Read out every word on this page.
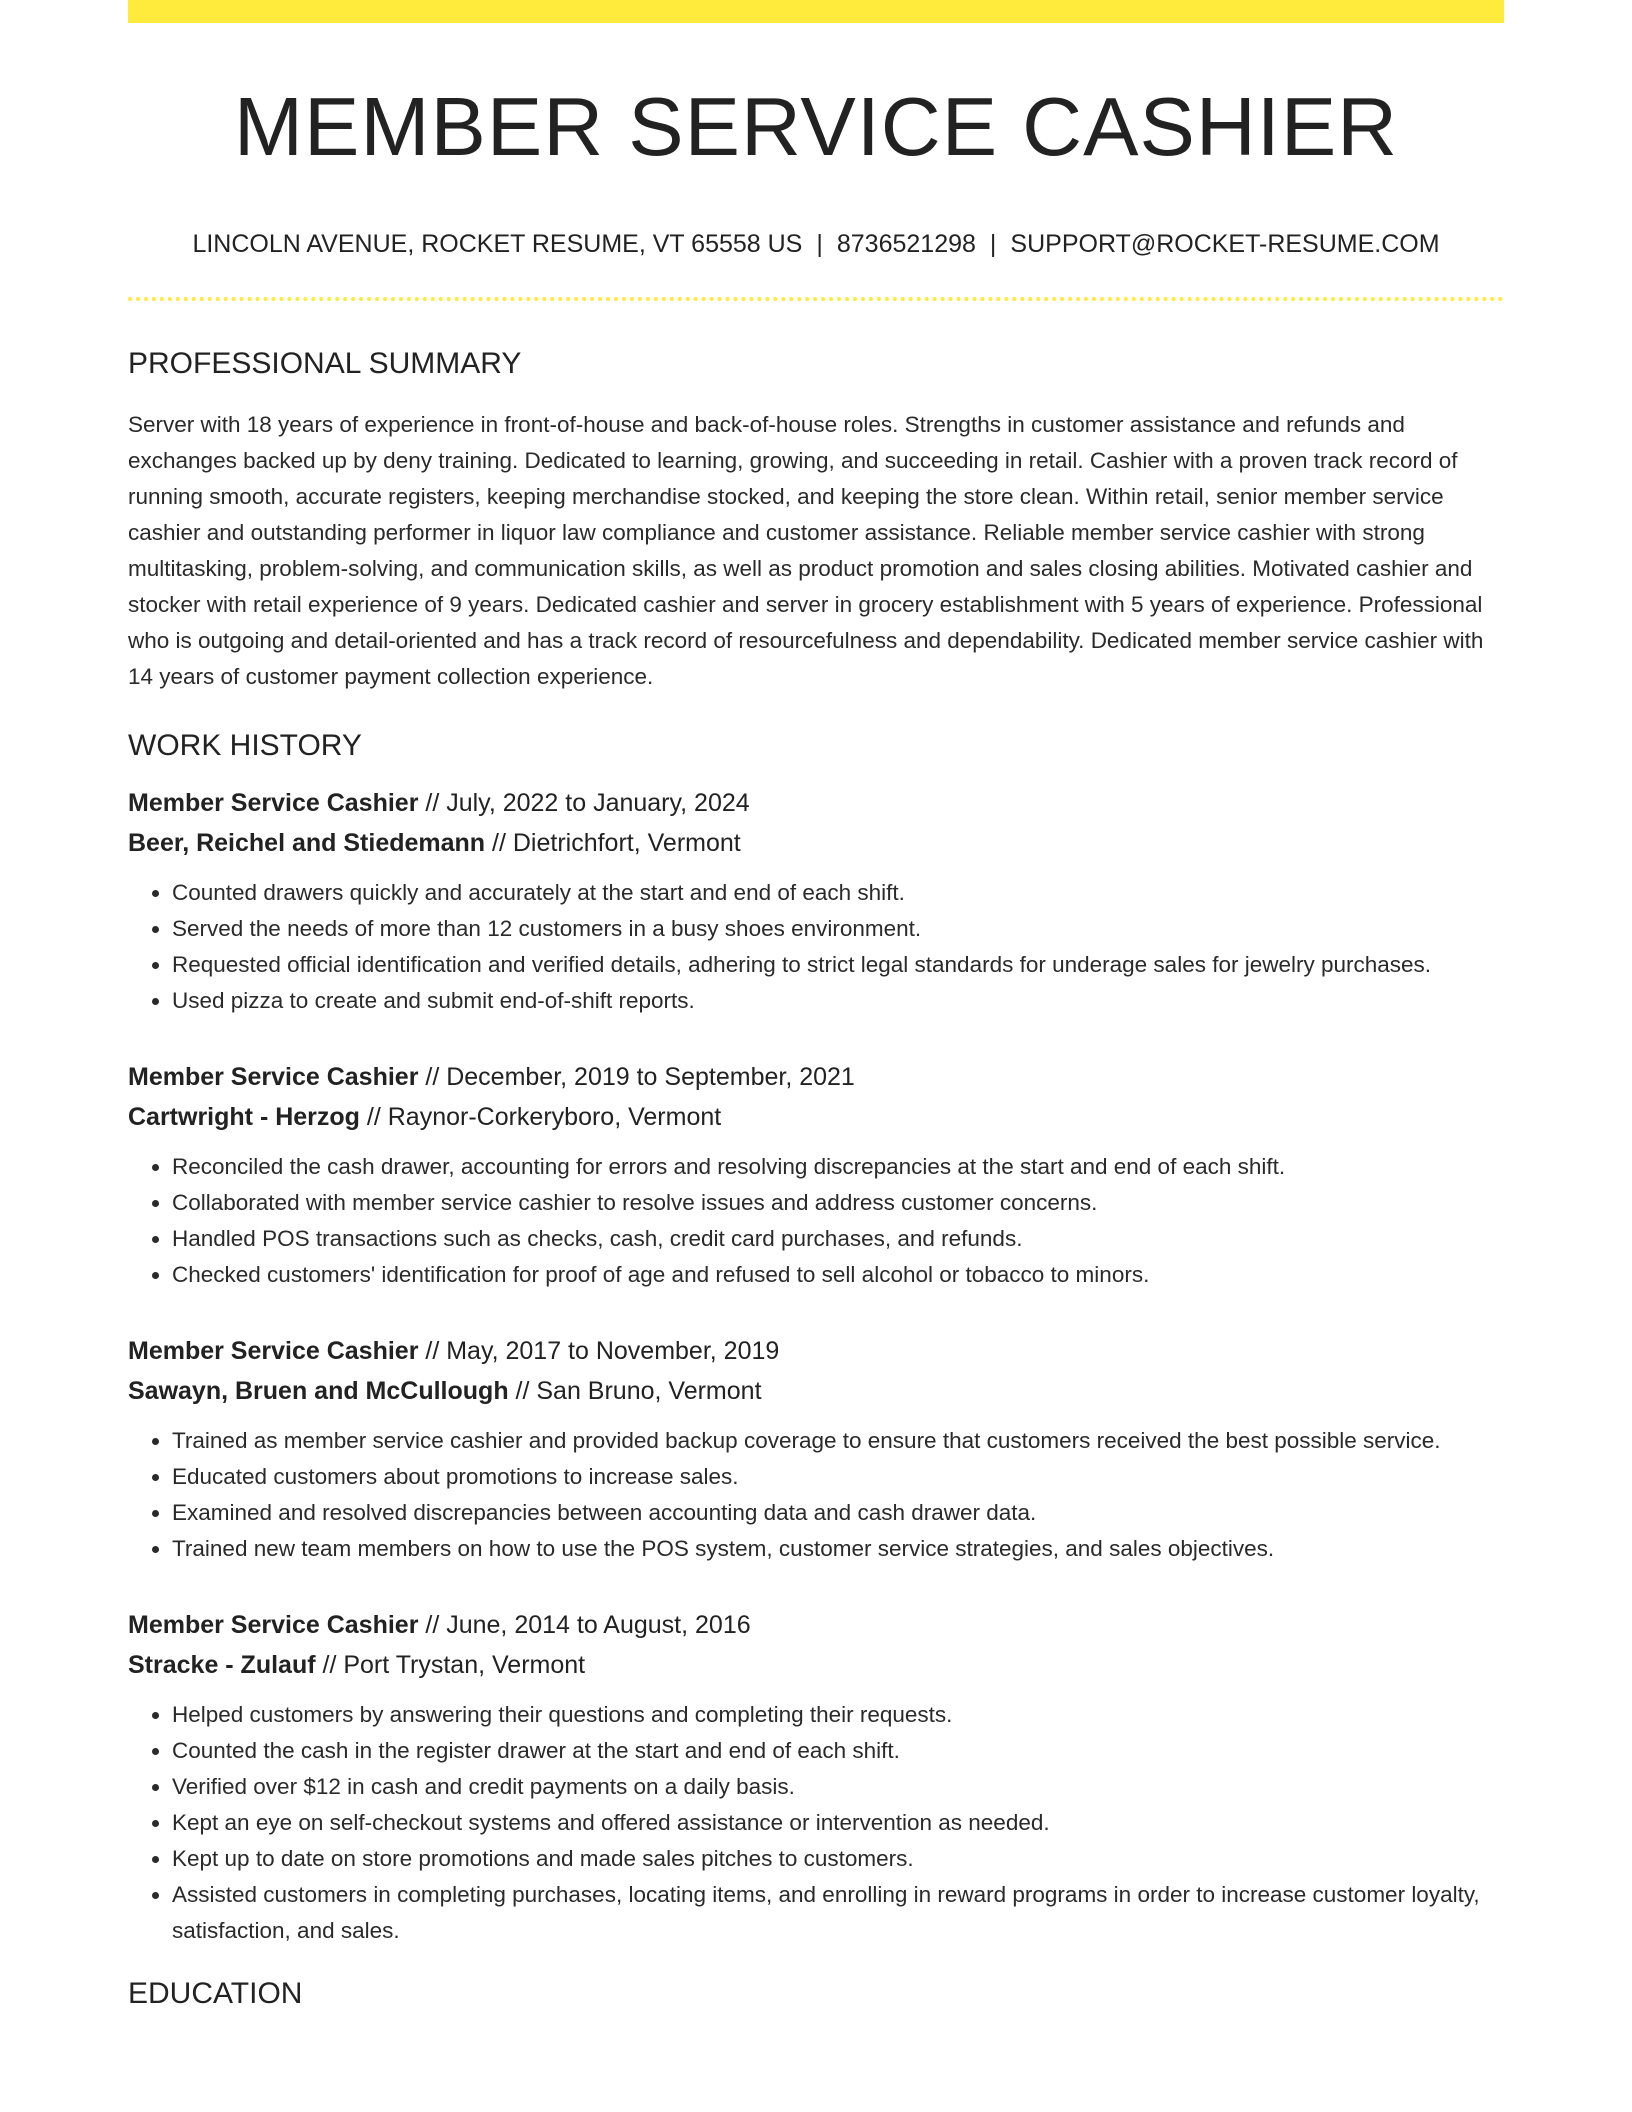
MEMBER SERVICE CASHIER
LINCOLN AVENUE, ROCKET RESUME, VT 65558 US | 8736521298 | SUPPORT@ROCKET-RESUME.COM
PROFESSIONAL SUMMARY

Server with 18 years of experience in front-of-house and back-of-house roles. Strengths in customer assistance and refunds and exchanges backed up by deny training. Dedicated to learning, growing, and succeeding in retail. Cashier with a proven track record of running smooth, accurate registers, keeping merchandise stocked, and keeping the store clean. Within retail, senior member service cashier and outstanding performer in liquor law compliance and customer assistance. Reliable member service cashier with strong multitasking, problem-solving, and communication skills, as well as product promotion and sales closing abilities. Motivated cashier and stocker with retail experience of 9 years. Dedicated cashier and server in grocery establishment with 5 years of experience. Professional who is outgoing and detail-oriented and has a track record of resourcefulness and dependability. Dedicated member service cashier with 14 years of customer payment collection experience.

WORK HISTORY
Member Service Cashier // July, 2022 to January, 2024
Beer, Reichel and Stiedemann // Dietrichfort, Vermont
• Counted drawers quickly and accurately at the start and end of each shift.
• Served the needs of more than 12 customers in a busy shoes environment.
• Requested official identification and verified details, adhering to strict legal standards for underage sales for jewelry purchases.
• Used pizza to create and submit end-of-shift reports.
Member Service Cashier // December, 2019 to September, 2021
Cartwright - Herzog // Raynor-Corkeryboro, Vermont
• Reconciled the cash drawer, accounting for errors and resolving discrepancies at the start and end of each shift.
• Collaborated with member service cashier to resolve issues and address customer concerns.
• Handled POS transactions such as checks, cash, credit card purchases, and refunds.
• Checked customers' identification for proof of age and refused to sell alcohol or tobacco to minors.
Member Service Cashier // May, 2017 to November, 2019
Sawayn, Bruen and McCullough // San Bruno, Vermont
• Trained as member service cashier and provided backup coverage to ensure that customers received the best possible service.
• Educated customers about promotions to increase sales.
• Examined and resolved discrepancies between accounting data and cash drawer data.
• Trained new team members on how to use the POS system, customer service strategies, and sales objectives.
Member Service Cashier // June, 2014 to August, 2016
Stracke - Zulauf // Port Trystan, Vermont
• Helped customers by answering their questions and completing their requests.
• Counted the cash in the register drawer at the start and end of each shift.
• Verified over $12 in cash and credit payments on a daily basis.
• Kept an eye on self-checkout systems and offered assistance or intervention as needed.
• Kept up to date on store promotions and made sales pitches to customers.
• Assisted customers in completing purchases, locating items, and enrolling in reward programs in order to increase customer loyalty, satisfaction, and sales.
EDUCATION
